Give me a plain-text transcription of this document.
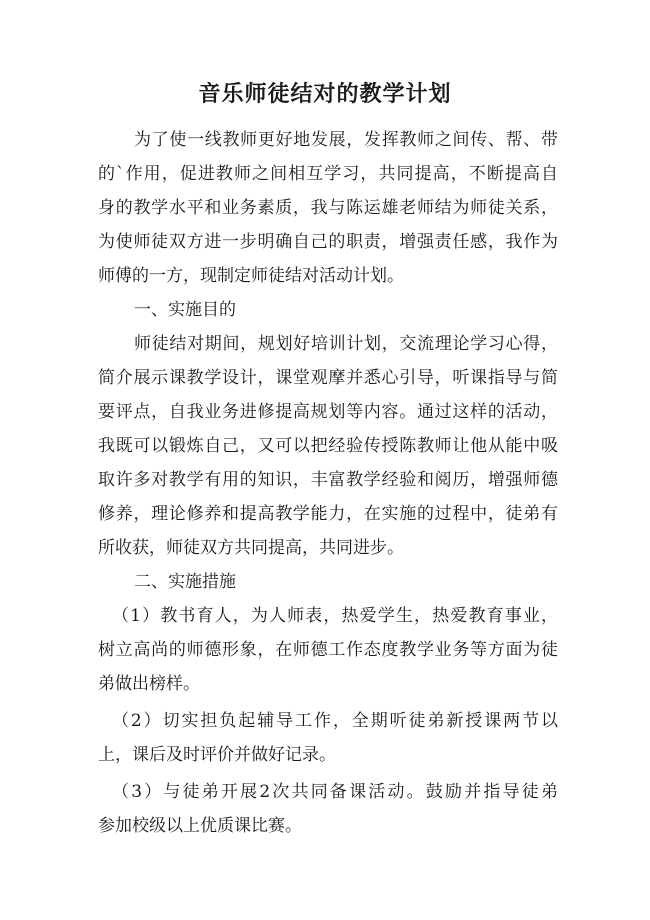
音乐师徒结对的教学计划
为了使一线教师更好地发展，发挥教师之间传、帮、带
的`作用，促进教师之间相互学习，共同提高，不断提高自
身的教学水平和业务素质，我与陈运雄老师结为师徒关系，
为使师徒双方进一步明确自己的职责，增强责任感，我作为
师傅的一方，现制定师徒结对活动计划。
一、实施目的
师徒结对期间，规划好培训计划，交流理论学习心得，
简介展示课教学设计，课堂观摩并悉心引导，听课指导与简
要评点，自我业务进修提高规划等内容。通过这样的活动，
我既可以锻炼自己，又可以把经验传授陈教师让他从能中吸
取许多对教学有用的知识，丰富教学经验和阅历，增强师德
修养，理论修养和提高教学能力，在实施的过程中，徒弟有
所收获，师徒双方共同提高，共同进步。
二、实施措施
（1）教书育人，为人师表，热爱学生，热爱教育事业，
树立高尚的师德形象，在师德工作态度教学业务等方面为徒
弟做出榜样。
（2）切实担负起辅导工作，全期听徒弟新授课两节以
上，课后及时评价并做好记录。
（3）与徒弟开展2次共同备课活动。鼓励并指导徒弟
参加校级以上优质课比赛。
